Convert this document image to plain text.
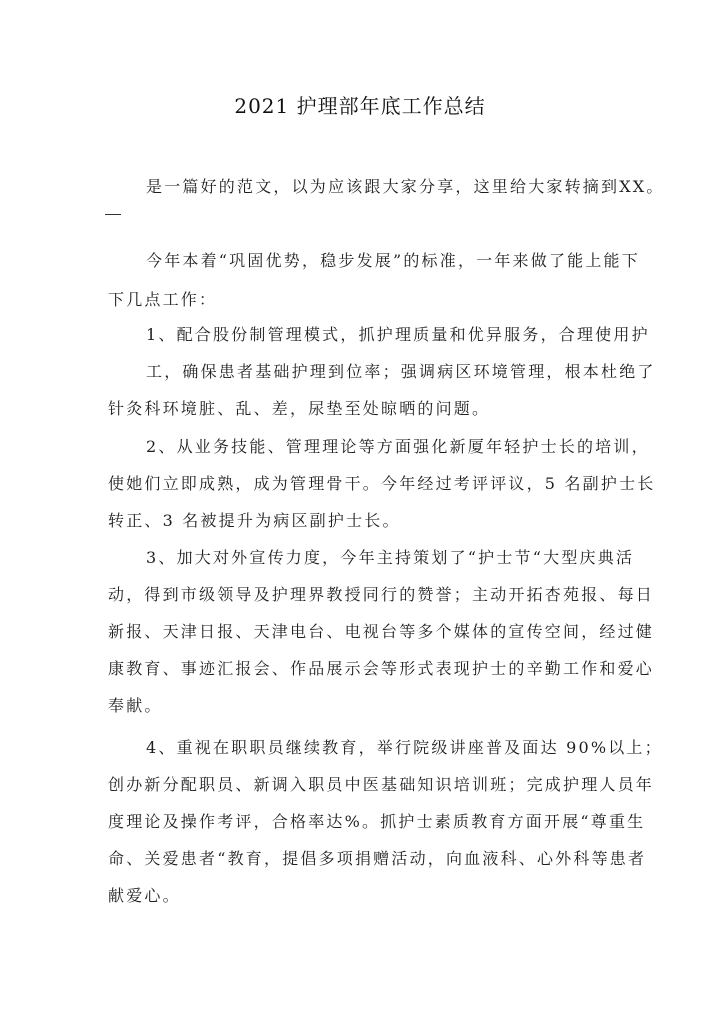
2021 护理部年底工作总结
是一篇好的范文，以为应该跟大家分享，这里给大家转摘到XX。
今年本着“巩固优势，稳步发展”的标准，一年来做了能上能下
下几点工作：
1、配合股份制管理模式，抓护理质量和优异服务，合理使用护
工，确保患者基础护理到位率；强调病区环境管理，根本杜绝了
针灸科环境脏、乱、差，尿垫至处晾晒的问题。
2、从业务技能、管理理论等方面强化新厦年轻护士长的培训，
使她们立即成熟，成为管理骨干。今年经过考评评议，5 名副护士长
转正、3 名被提升为病区副护士长。
3、加大对外宣传力度，今年主持策划了“护士节“大型庆典活
动，得到市级领导及护理界教授同行的赞誉；主动开拓杏苑报、每日
新报、天津日报、天津电台、电视台等多个媒体的宣传空间，经过健
康教育、事迹汇报会、作品展示会等形式表现护士的辛勤工作和爱心
奉献。
4、重视在职职员继续教育，举行院级讲座普及面达 90%以上；
创办新分配职员、新调入职员中医基础知识培训班；完成护理人员年
度理论及操作考评，合格率达%。抓护士素质教育方面开展“尊重生
命、关爱患者“教育，提倡多项捐赠活动，向血液科、心外科等患者
献爱心。
